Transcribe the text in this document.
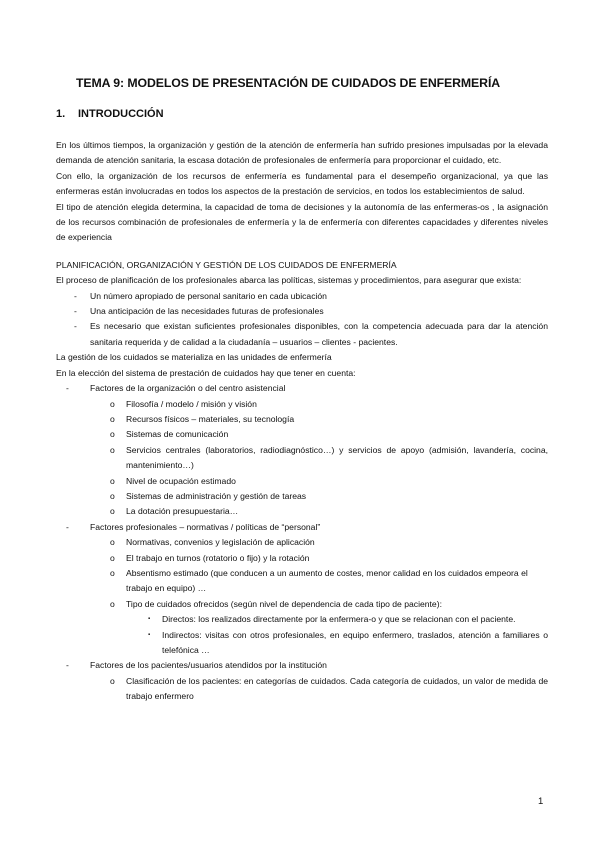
TEMA 9: MODELOS DE PRESENTACIÓN DE CUIDADOS DE ENFERMERÍA
1. INTRODUCCIÓN

En los últimos tiempos, la organización y gestión de la atención de enfermería han sufrido presiones impulsadas por la elevada demanda de atención sanitaria, la escasa dotación de profesionales de enfermería para proporcionar el cuidado, etc.

Con ello, la organización de los recursos de enfermería es fundamental para el desempeño organizacional, ya que las enfermeras están involucradas en todos los aspectos de la prestación de servicios, en todos los establecimientos de salud.

El tipo de atención elegida determina, la capacidad de toma de decisiones y la autonomía de las enfermeras-os , la asignación de los recursos combinación de profesionales de enfermería y la de enfermería con diferentes capacidades y diferentes niveles de experiencia

PLANIFICACIÓN, ORGANIZACIÓN Y GESTIÓN DE LOS CUIDADOS DE ENFERMERÍA

El proceso de planificación de los profesionales abarca las políticas, sistemas y procedimientos, para asegurar que exista:

- Un número apropiado de personal sanitario en cada ubicación
- Una anticipación de las necesidades futuras de profesionales
- Es necesario que existan suficientes profesionales disponibles, con la competencia adecuada para dar la atención sanitaria requerida y de calidad a la ciudadanía – usuarios – clientes - pacientes.

La gestión de los cuidados se materializa en las unidades de enfermería

En la elección del sistema de prestación de cuidados hay que tener en cuenta:

- Factores de la organización o del centro asistencial
o Filosofía / modelo / misión y visión
o Recursos físicos – materiales, su tecnología
o Sistemas de comunicación
o Servicios centrales (laboratorios, radiodiagnóstico…) y servicios de apoyo (admisión, lavandería, cocina, mantenimiento…)
o Nivel de ocupación estimado
o Sistemas de administración y gestión de tareas
o La dotación presupuestaria…
- Factores profesionales – normativas / políticas de “personal”
o Normativas, convenios y legislación de aplicación
o El trabajo en turnos (rotatorio o fijo) y la rotación
o Absentismo estimado (que conducen a un aumento de costes, menor calidad en los cuidados empeora el trabajo en equipo) …
o Tipo de cuidados ofrecidos (según nivel de dependencia de cada tipo de paciente):
▪ Directos: los realizados directamente por la enfermera-o y que se relacionan con el paciente.
▪ Indirectos: visitas con otros profesionales, en equipo enfermero, traslados, atención a familiares o telefónica …
- Factores de los pacientes/usuarios atendidos por la institución
o Clasificación de los pacientes: en categorías de cuidados. Cada categoría de cuidados, un valor de medida de trabajo enfermero
1
